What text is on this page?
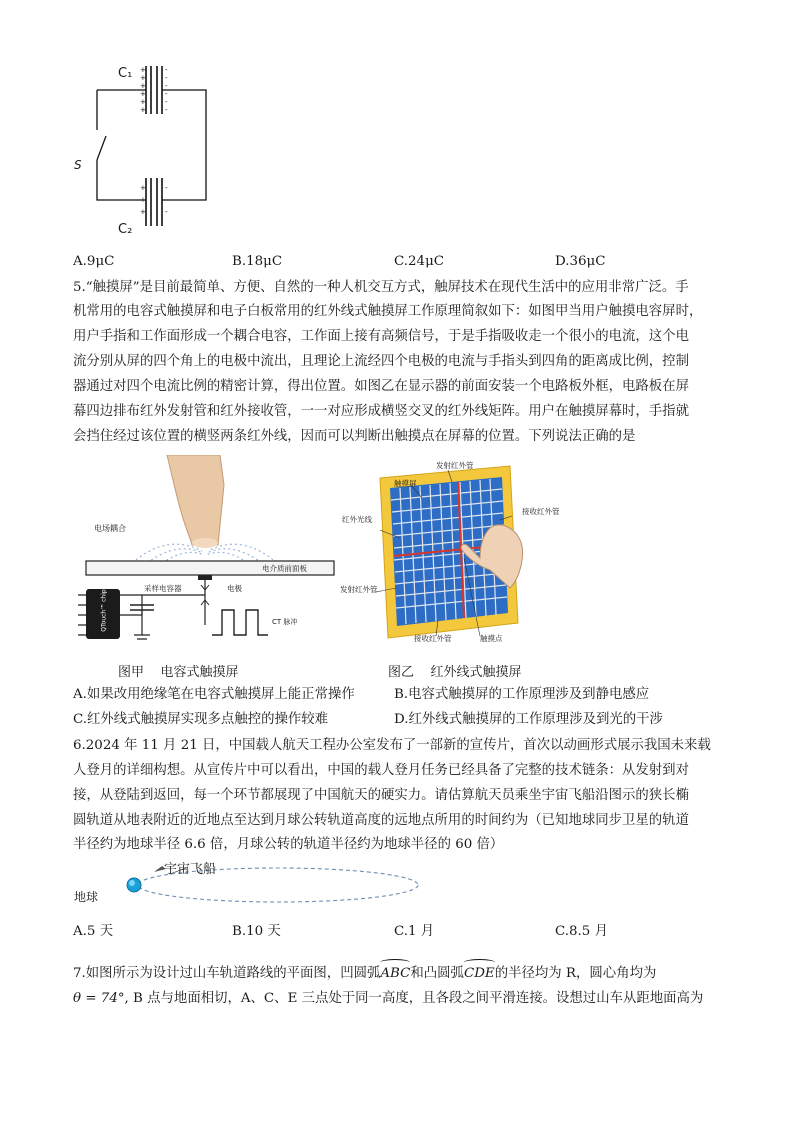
+
+
+
+
+
+
-
-
-
-
-
-
+
+
+
-
-
-
C₁
C₂
S
A.9μC	B.18μC	C.24μC	D.36μC
5.“触摸屏”是目前最简单、方便、自然的一种人机交互方式，触屏技术在现代生活中的应用非常广泛。手
机常用的电容式触摸屏和电子白板常用的红外线式触摸屏工作原理简叙如下：如图甲当用户触摸电容屏时，
用户手指和工作面形成一个耦合电容，工作面上接有高频信号，于是手指吸收走一个很小的电流，这个电
流分别从屏的四个角上的电极中流出，且理论上流经四个电极的电流与手指头到四角的距离成比例，控制
器通过对四个电流比例的精密计算，得出位置。如图乙在显示器的前面安装一个电路板外框，电路板在屏
幕四边排布红外发射管和红外接收管，一一对应形成横竖交叉的红外线矩阵。用户在触摸屏幕时，手指就
会挡住经过该位置的横竖两条红外线，因而可以判断出触摸点在屏幕的位置。下列说法正确的是
电场耦合
电介质前面板
采样电容器	电极
CT 脉冲
QTouch™ chip
图甲    电容式触摸屏
发射红外管
触摸屏
接收红外管
红外光线
发射红外管
接收红外管	触摸点
图乙    红外线式触摸屏
A.如果改用绝缘笔在电容式触摸屏上能正常操作	B.电容式触摸屏的工作原理涉及到静电感应
C.红外线式触摸屏实现多点触控的操作较难	D.红外线式触摸屏的工作原理涉及到光的干涉
6.2024 年 11 月 21 日，中国载人航天工程办公室发布了一部新的宣传片，首次以动画形式展示我国未来载
人登月的详细构想。从宣传片中可以看出，中国的载人登月任务已经具备了完整的技术链条：从发射到对
接，从登陆到返回，每一个环节都展现了中国航天的硬实力。请估算航天员乘坐宇宙飞船沿图示的狭长椭
圆轨道从地表附近的近地点至达到月球公转轨道高度的远地点所用的时间约为（已知地球同步卫星的轨道
半径约为地球半径 6.6 倍，月球公转的轨道半径约为地球半径的 60 倍）
地球
宇宙飞船
A.5 天	B.10 天	C.1 月	C.8.5 月
7.如图所示为设计过山车轨道路线的平面图，凹圆弧ABC和凸圆弧CDE的半径均为 R，圆心角均为
θ = 74°, B 点与地面相切，A、C、E 三点处于同一高度，且各段之间平滑连接。设想过山车从距地面高为
